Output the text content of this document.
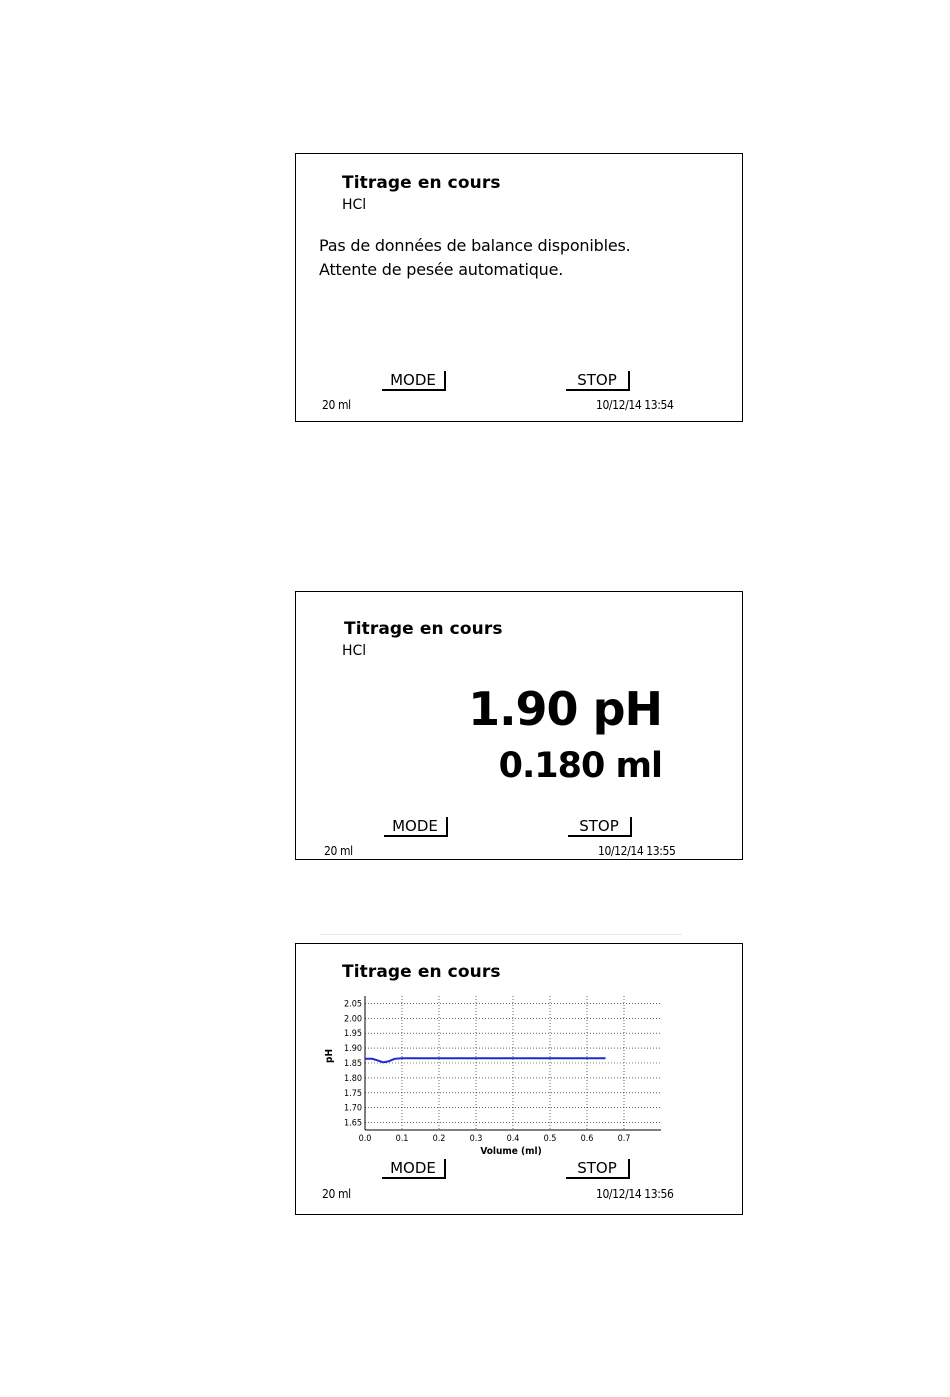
Titrage en cours
HCl
Pas de données de balance disponibles.
Attente de pesée automatique.
MODE	STOP
20 ml	10/12/14 13:54
Titrage en cours
HCl
1.90 pH
0.180 ml
MODE	STOP
20 ml	10/12/14 13:55
Titrage en cours
2.05
2.00
1.95
1.90
1.85
1.80
1.75
1.70
1.65
0.0	0.1	0.2	0.3	0.4	0.5	0.6	0.7
pH
Volume (ml)
MODE	STOP
20 ml	10/12/14 13:56
